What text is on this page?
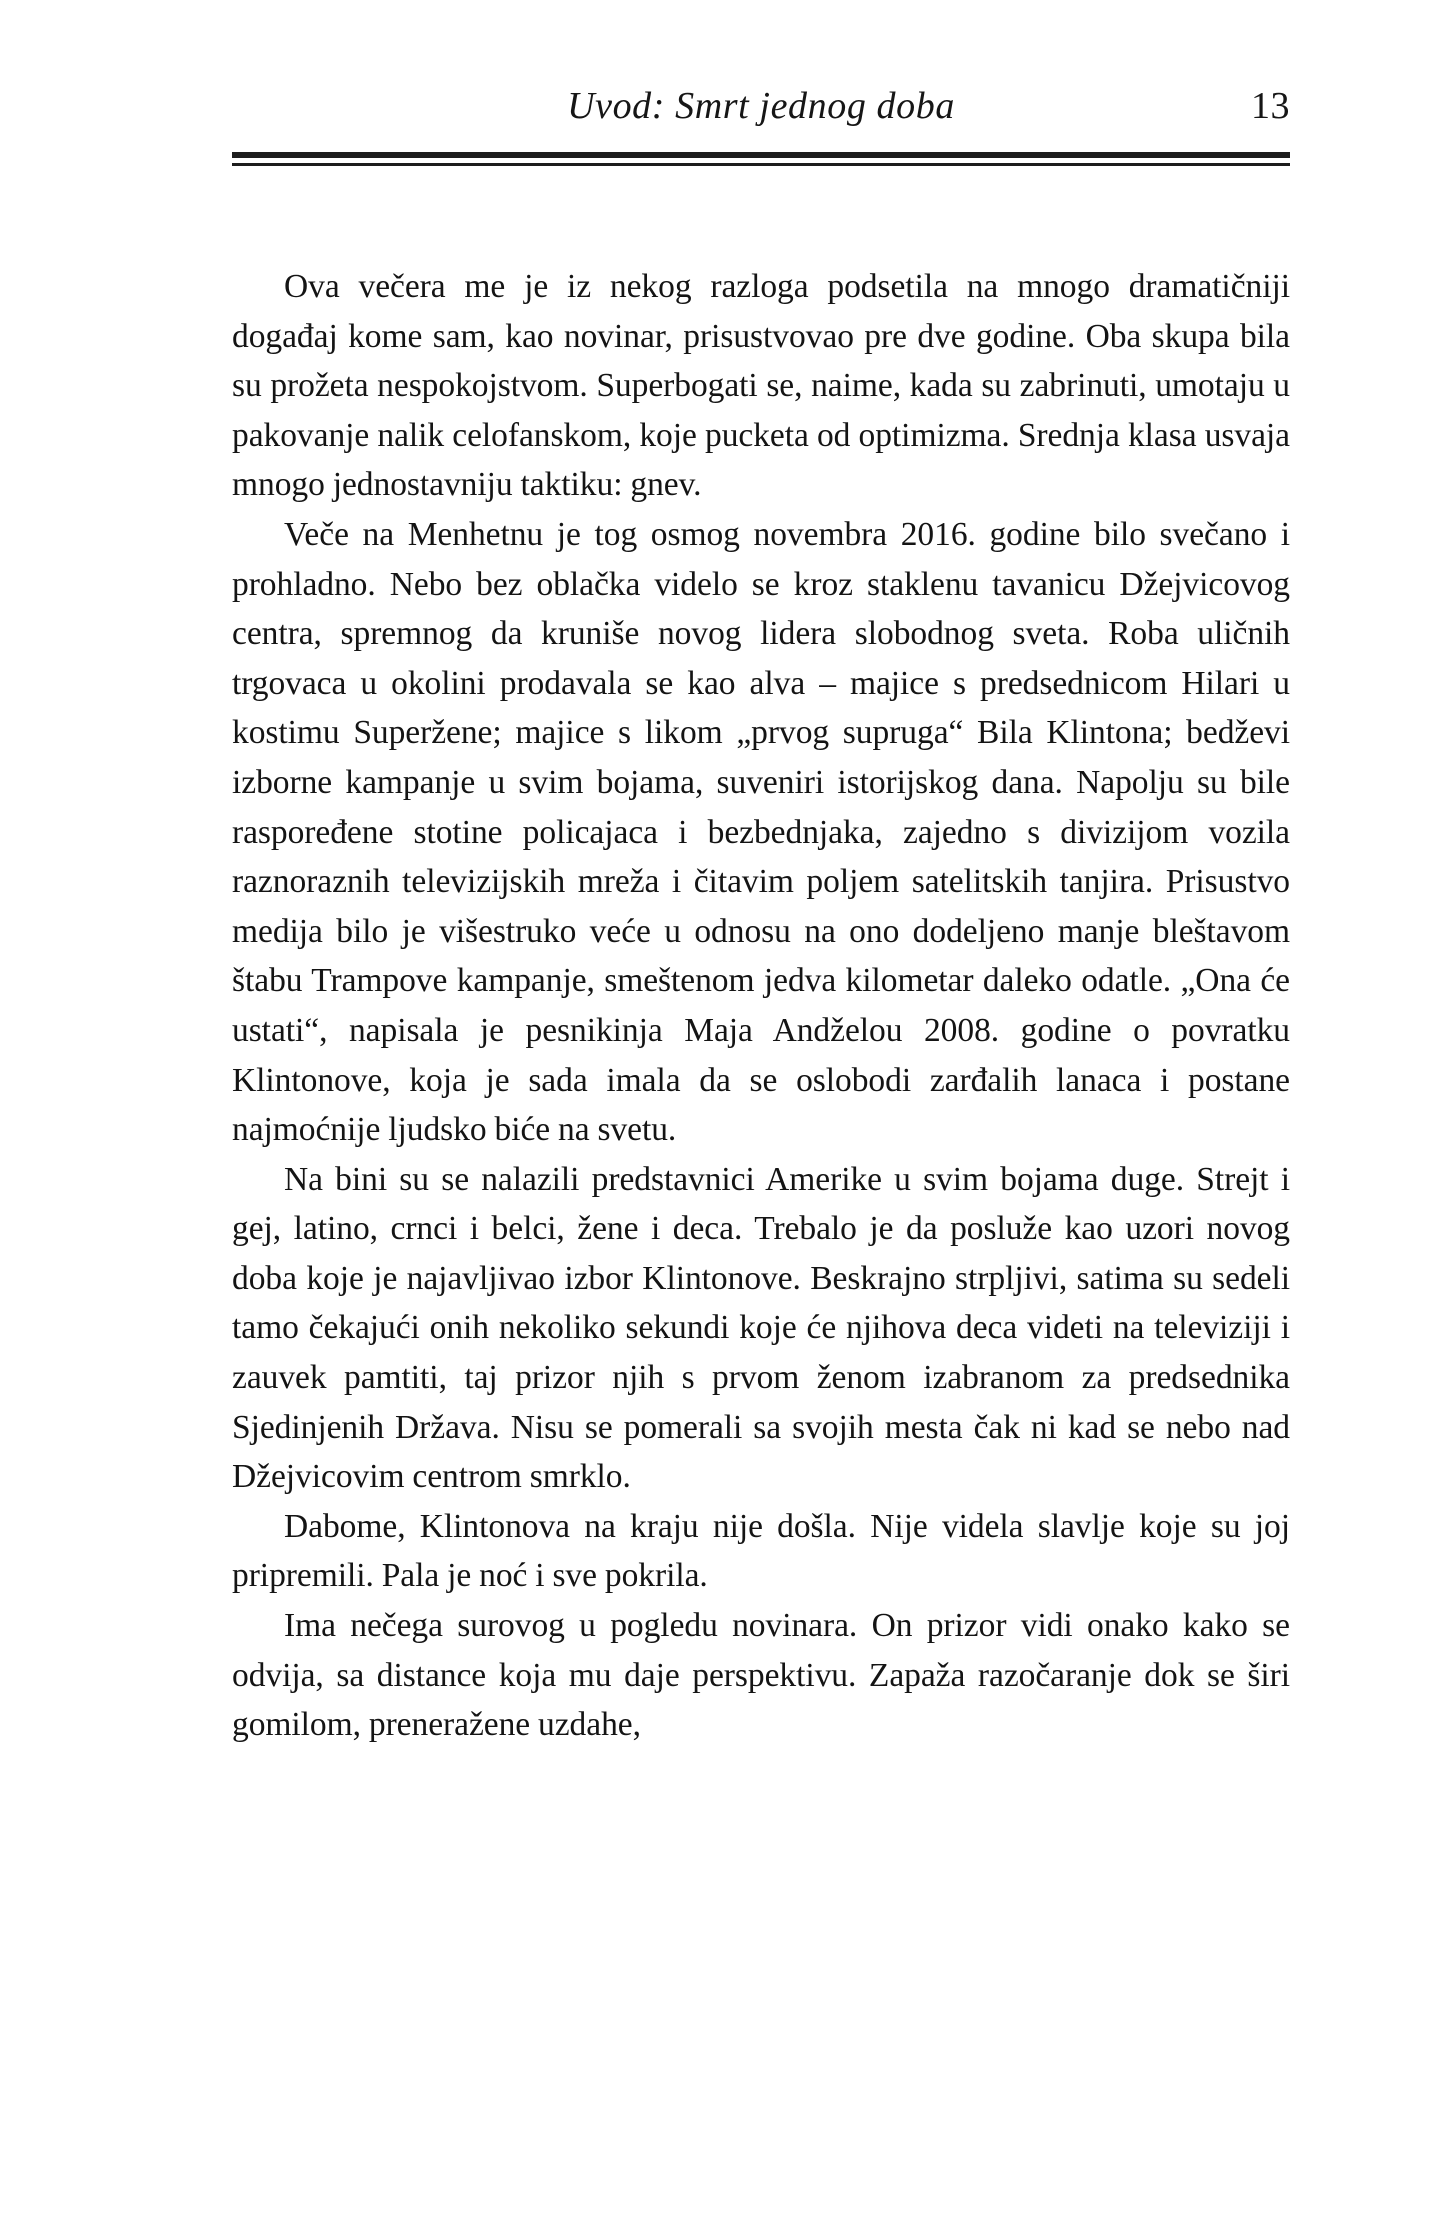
Uvod: Smrt jednog doba	13

Ova večera me je iz nekog razloga podsetila na mnogo dramatičniji događaj kome sam, kao novinar, prisustvovao pre dve godine. Oba skupa bila su prožeta nespokojstvom. Superbogati se, naime, kada su zabrinuti, umotaju u pakovanje nalik celofanskom, koje pucketa od optimizma. Srednja klasa usvaja mnogo jednostavniju taktiku: gnev.

Veče na Menhetnu je tog osmog novembra 2016. godine bilo svečano i prohladno. Nebo bez oblačka videlo se kroz staklenu tavanicu Džejvicovog centra, spremnog da kruniše novog lidera slobodnog sveta. Roba uličnih trgovaca u okolini prodavala se kao alva – majice s predsednicom Hilari u kostimu Superžene; majice s likom „prvog supruga“ Bila Klintona; bedževi izborne kampanje u svim bojama, suveniri istorijskog dana. Napolju su bile raspoređene stotine policajaca i bezbednjaka, zajedno s divizijom vozila raznoraznih televizijskih mreža i čitavim poljem satelitskih tanjira. Prisustvo medija bilo je višestruko veće u odnosu na ono dodeljeno manje bleštavom štabu Trampove kampanje, smeštenom jedva kilometar daleko odatle. „Ona će ustati“, napisala je pesnikinja Maja Andželou 2008. godine o povratku Klintonove, koja je sada imala da se oslobodi zarđalih lanaca i postane najmoćnije ljudsko biće na svetu.

Na bini su se nalazili predstavnici Amerike u svim bojama duge. Strejt i gej, latino, crnci i belci, žene i deca. Trebalo je da posluže kao uzori novog doba koje je najavljivao izbor Klintonove. Beskrajno strpljivi, satima su sedeli tamo čekajući onih nekoliko sekundi koje će njihova deca videti na televiziji i zauvek pamtiti, taj prizor njih s prvom ženom izabranom za predsednika Sjedinjenih Država. Nisu se pomerali sa svojih mesta čak ni kad se nebo nad Džejvicovim centrom smrklo.

Dabome, Klintonova na kraju nije došla. Nije videla slavlje koje su joj pripremili. Pala je noć i sve pokrila.

Ima nečega surovog u pogledu novinara. On prizor vidi onako kako se odvija, sa distance koja mu daje perspektivu. Zapaža razočaranje dok se širi gomilom, preneražene uzdahe,
